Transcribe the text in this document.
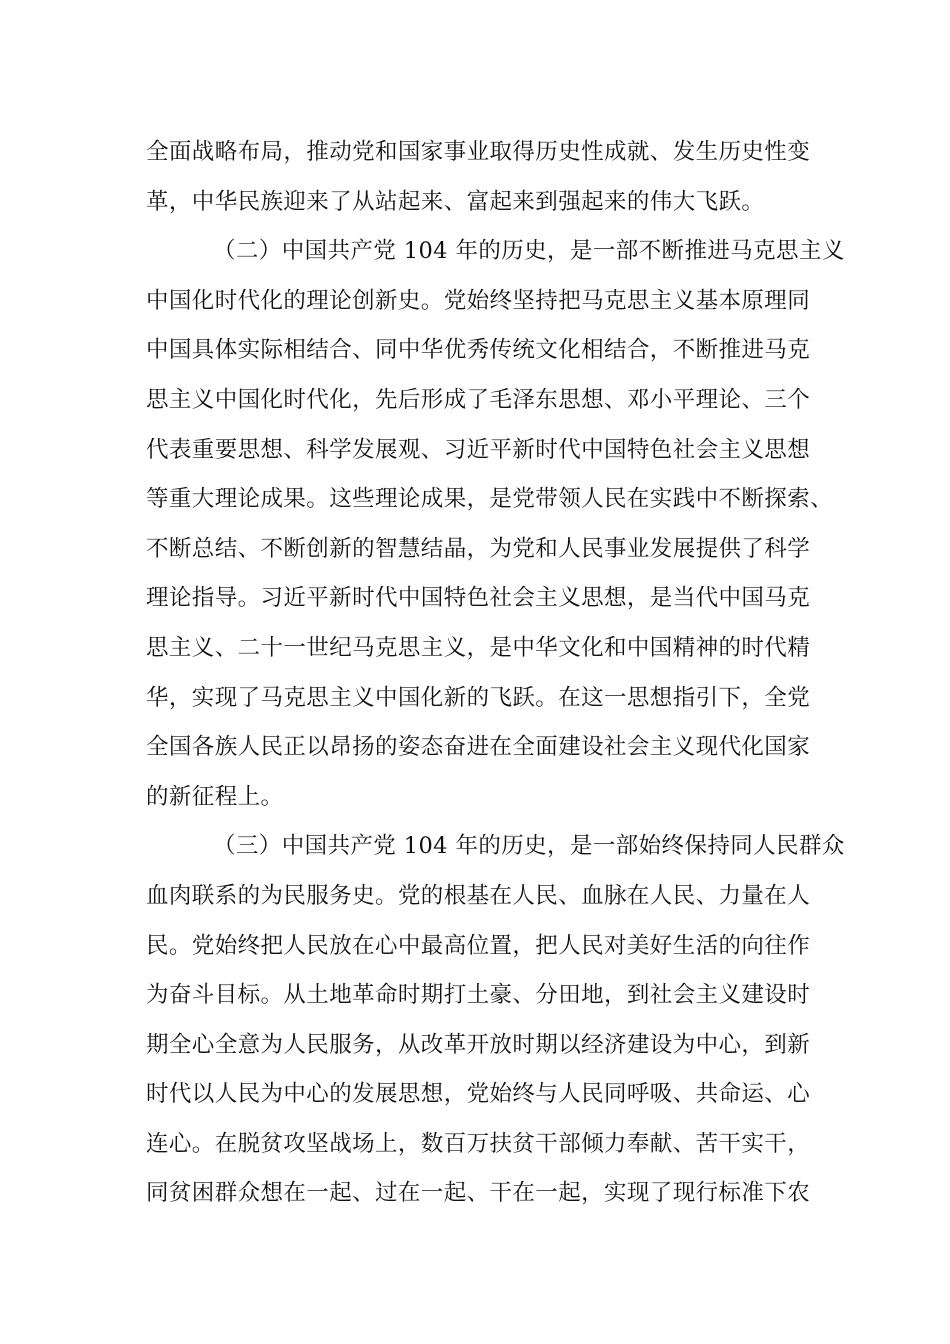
全面战略布局，推动党和国家事业取得历史性成就、发生历史性变
革，中华民族迎来了从站起来、富起来到强起来的伟大飞跃。

（二）中国共产党 104 年的历史，是一部不断推进马克思主义
中国化时代化的理论创新史。党始终坚持把马克思主义基本原理同
中国具体实际相结合、同中华优秀传统文化相结合，不断推进马克
思主义中国化时代化，先后形成了毛泽东思想、邓小平理论、三个
代表重要思想、科学发展观、习近平新时代中国特色社会主义思想
等重大理论成果。这些理论成果，是党带领人民在实践中不断探索、
不断总结、不断创新的智慧结晶，为党和人民事业发展提供了科学
理论指导。习近平新时代中国特色社会主义思想，是当代中国马克
思主义、二十一世纪马克思主义，是中华文化和中国精神的时代精
华，实现了马克思主义中国化新的飞跃。在这一思想指引下，全党
全国各族人民正以昂扬的姿态奋进在全面建设社会主义现代化国家
的新征程上。

（三）中国共产党 104 年的历史，是一部始终保持同人民群众
血肉联系的为民服务史。党的根基在人民、血脉在人民、力量在人
民。党始终把人民放在心中最高位置，把人民对美好生活的向往作
为奋斗目标。从土地革命时期打土豪、分田地，到社会主义建设时
期全心全意为人民服务，从改革开放时期以经济建设为中心，到新
时代以人民为中心的发展思想，党始终与人民同呼吸、共命运、心
连心。在脱贫攻坚战场上，数百万扶贫干部倾力奉献、苦干实干，
同贫困群众想在一起、过在一起、干在一起，实现了现行标准下农
